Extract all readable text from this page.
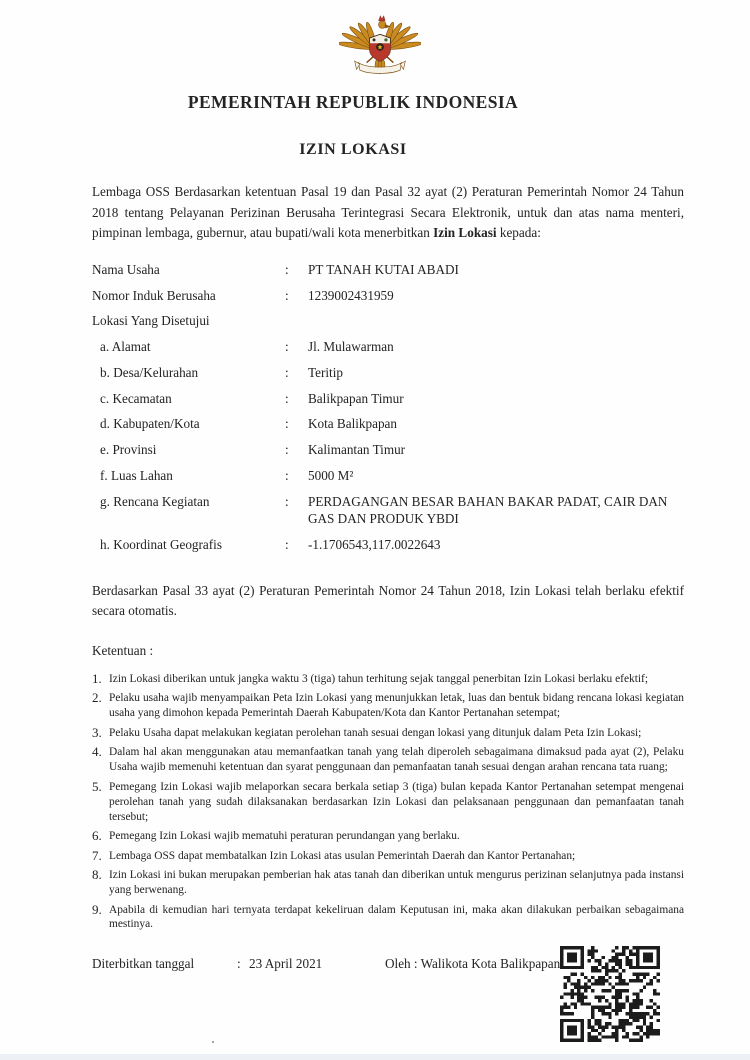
PEMERINTAH REPUBLIK INDONESIA
IZIN LOKASI

Lembaga OSS Berdasarkan ketentuan Pasal 19 dan Pasal 32 ayat (2) Peraturan Pemerintah Nomor 24 Tahun 2018 tentang Pelayanan Perizinan Berusaha Terintegrasi Secara Elektronik, untuk dan atas nama menteri, pimpinan lembaga, gubernur, atau bupati/wali kota menerbitkan Izin Lokasi kepada:

Nama Usaha	:	PT TANAH KUTAI ABADI
Nomor Induk Berusaha	:	1239002431959
Lokasi Yang Disetujui
a. Alamat	:	Jl. Mulawarman
b. Desa/Kelurahan	:	Teritip
c. Kecamatan	:	Balikpapan Timur
d. Kabupaten/Kota	:	Kota Balikpapan
e. Provinsi	:	Kalimantan Timur
f. Luas Lahan	:	5000 M²
g. Rencana Kegiatan	:	PERDAGANGAN BESAR BAHAN BAKAR PADAT, CAIR DAN GAS DAN PRODUK YBDI
h. Koordinat Geografis	:	-1.1706543,117.0022643

Berdasarkan Pasal 33 ayat (2) Peraturan Pemerintah Nomor 24 Tahun 2018, Izin Lokasi telah berlaku efektif secara otomatis.

Ketentuan :
1. Izin Lokasi diberikan untuk jangka waktu 3 (tiga) tahun terhitung sejak tanggal penerbitan Izin Lokasi berlaku efektif;
2. Pelaku usaha wajib menyampaikan Peta Izin Lokasi yang menunjukkan letak, luas dan bentuk bidang rencana lokasi kegiatan usaha yang dimohon kepada Pemerintah Daerah Kabupaten/Kota dan Kantor Pertanahan setempat;
3. Pelaku Usaha dapat melakukan kegiatan perolehan tanah sesuai dengan lokasi yang ditunjuk dalam Peta Izin Lokasi;
4. Dalam hal akan menggunakan atau memanfaatkan tanah yang telah diperoleh sebagaimana dimaksud pada ayat (2), Pelaku Usaha wajib memenuhi ketentuan dan syarat penggunaan dan pemanfaatan tanah sesuai dengan arahan rencana tata ruang;
5. Pemegang Izin Lokasi wajib melaporkan secara berkala setiap 3 (tiga) bulan kepada Kantor Pertanahan setempat mengenai perolehan tanah yang sudah dilaksanakan berdasarkan Izin Lokasi dan pelaksanaan penggunaan dan pemanfaatan tanah tersebut;
6. Pemegang Izin Lokasi wajib mematuhi peraturan perundangan yang berlaku.
7. Lembaga OSS dapat membatalkan Izin Lokasi atas usulan Pemerintah Daerah dan Kantor Pertanahan;
8. Izin Lokasi ini bukan merupakan pemberian hak atas tanah dan diberikan untuk mengurus perizinan selanjutnya pada instansi yang berwenang.
9. Apabila di kemudian hari ternyata terdapat kekeliruan dalam Keputusan ini, maka akan dilakukan perbaikan sebagaimana mestinya.
Diterbitkan tanggal	: 23 April 2021	Oleh : Walikota Kota Balikpapan
